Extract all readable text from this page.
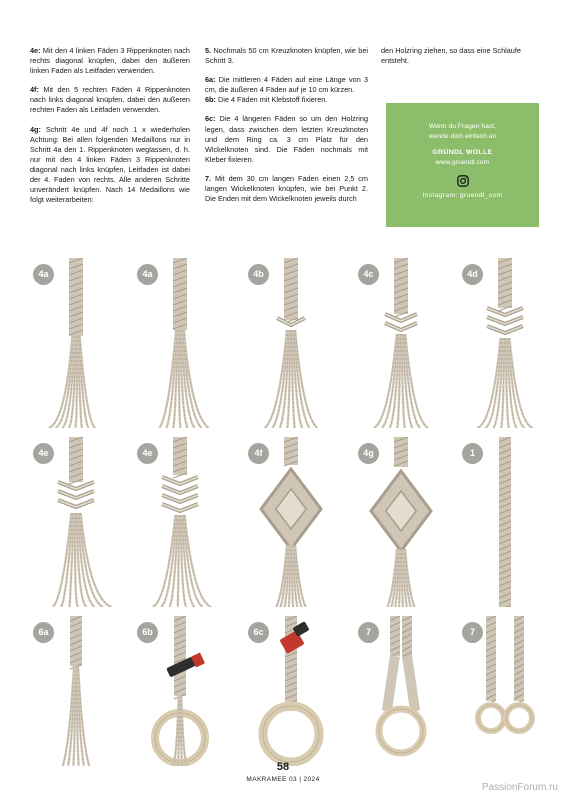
4e: Mit den 4 linken Fäden 3 Rippenknoten nach rechts diagonal knüpfen, dabei den äußeren linken Faden als Leitfaden verwenden.

4f: Mit den 5 rechten Fäden 4 Rippenknoten nach links diagonal knüpfen, dabei den äußeren rechten Faden als Leitfaden verwenden.

4g: Schritt 4e und 4f noch 1 x wiederholen Achtung: Bei allen folgenden Medaillons nur in Schritt 4a den 1. Rippenknoten weglassen, d. h. nur mit den 4 linken Fäden 3 Rippenknoten diagonal nach links knüpfen, Leitfaden ist dabei der 4. Faden von rechts. Alle anderen Schritte unverändert knüpfen. Nach 14 Medaillons wie folgt weiterarbeiten:

5. Nochmals 50 cm Kreuzknoten knüpfen, wie bei Schritt 3.

6a: Die mittleren 4 Fäden auf eine Länge von 3 cm, die äußeren 4 Fäden auf je 10 cm kürzen.
6b: Die 4 Fäden mit Klebstoff fixieren.

6c: Die 4 längeren Fäden so um den Holzring legen, dass zwischen dem letzten Kreuzknoten und dem Ring ca. 3 cm Platz für den Wickelknoten sind. Die Fäden nochmals mit Kleber fixieren.

7. Mit dem 30 cm langen Faden einen 2,5 cm langen Wickelknoten knüpfen, wie bei Punkt 2. Die Enden mit dem Wickelknoten jeweils durch

den Holzring ziehen, so dass eine Schlaufe entsteht.

Wenn du Fragen hast,
wende dich einfach an
GRÜNDL WOLLE
www.gruendl.com
Instagram: gruendl_com
4a	4a	4b	4c	4d
4e	4e	4f	4g	1
6a	6b	6c	7	7
58
MAKRAMEE 03 | 2024
PassionForum.ru
